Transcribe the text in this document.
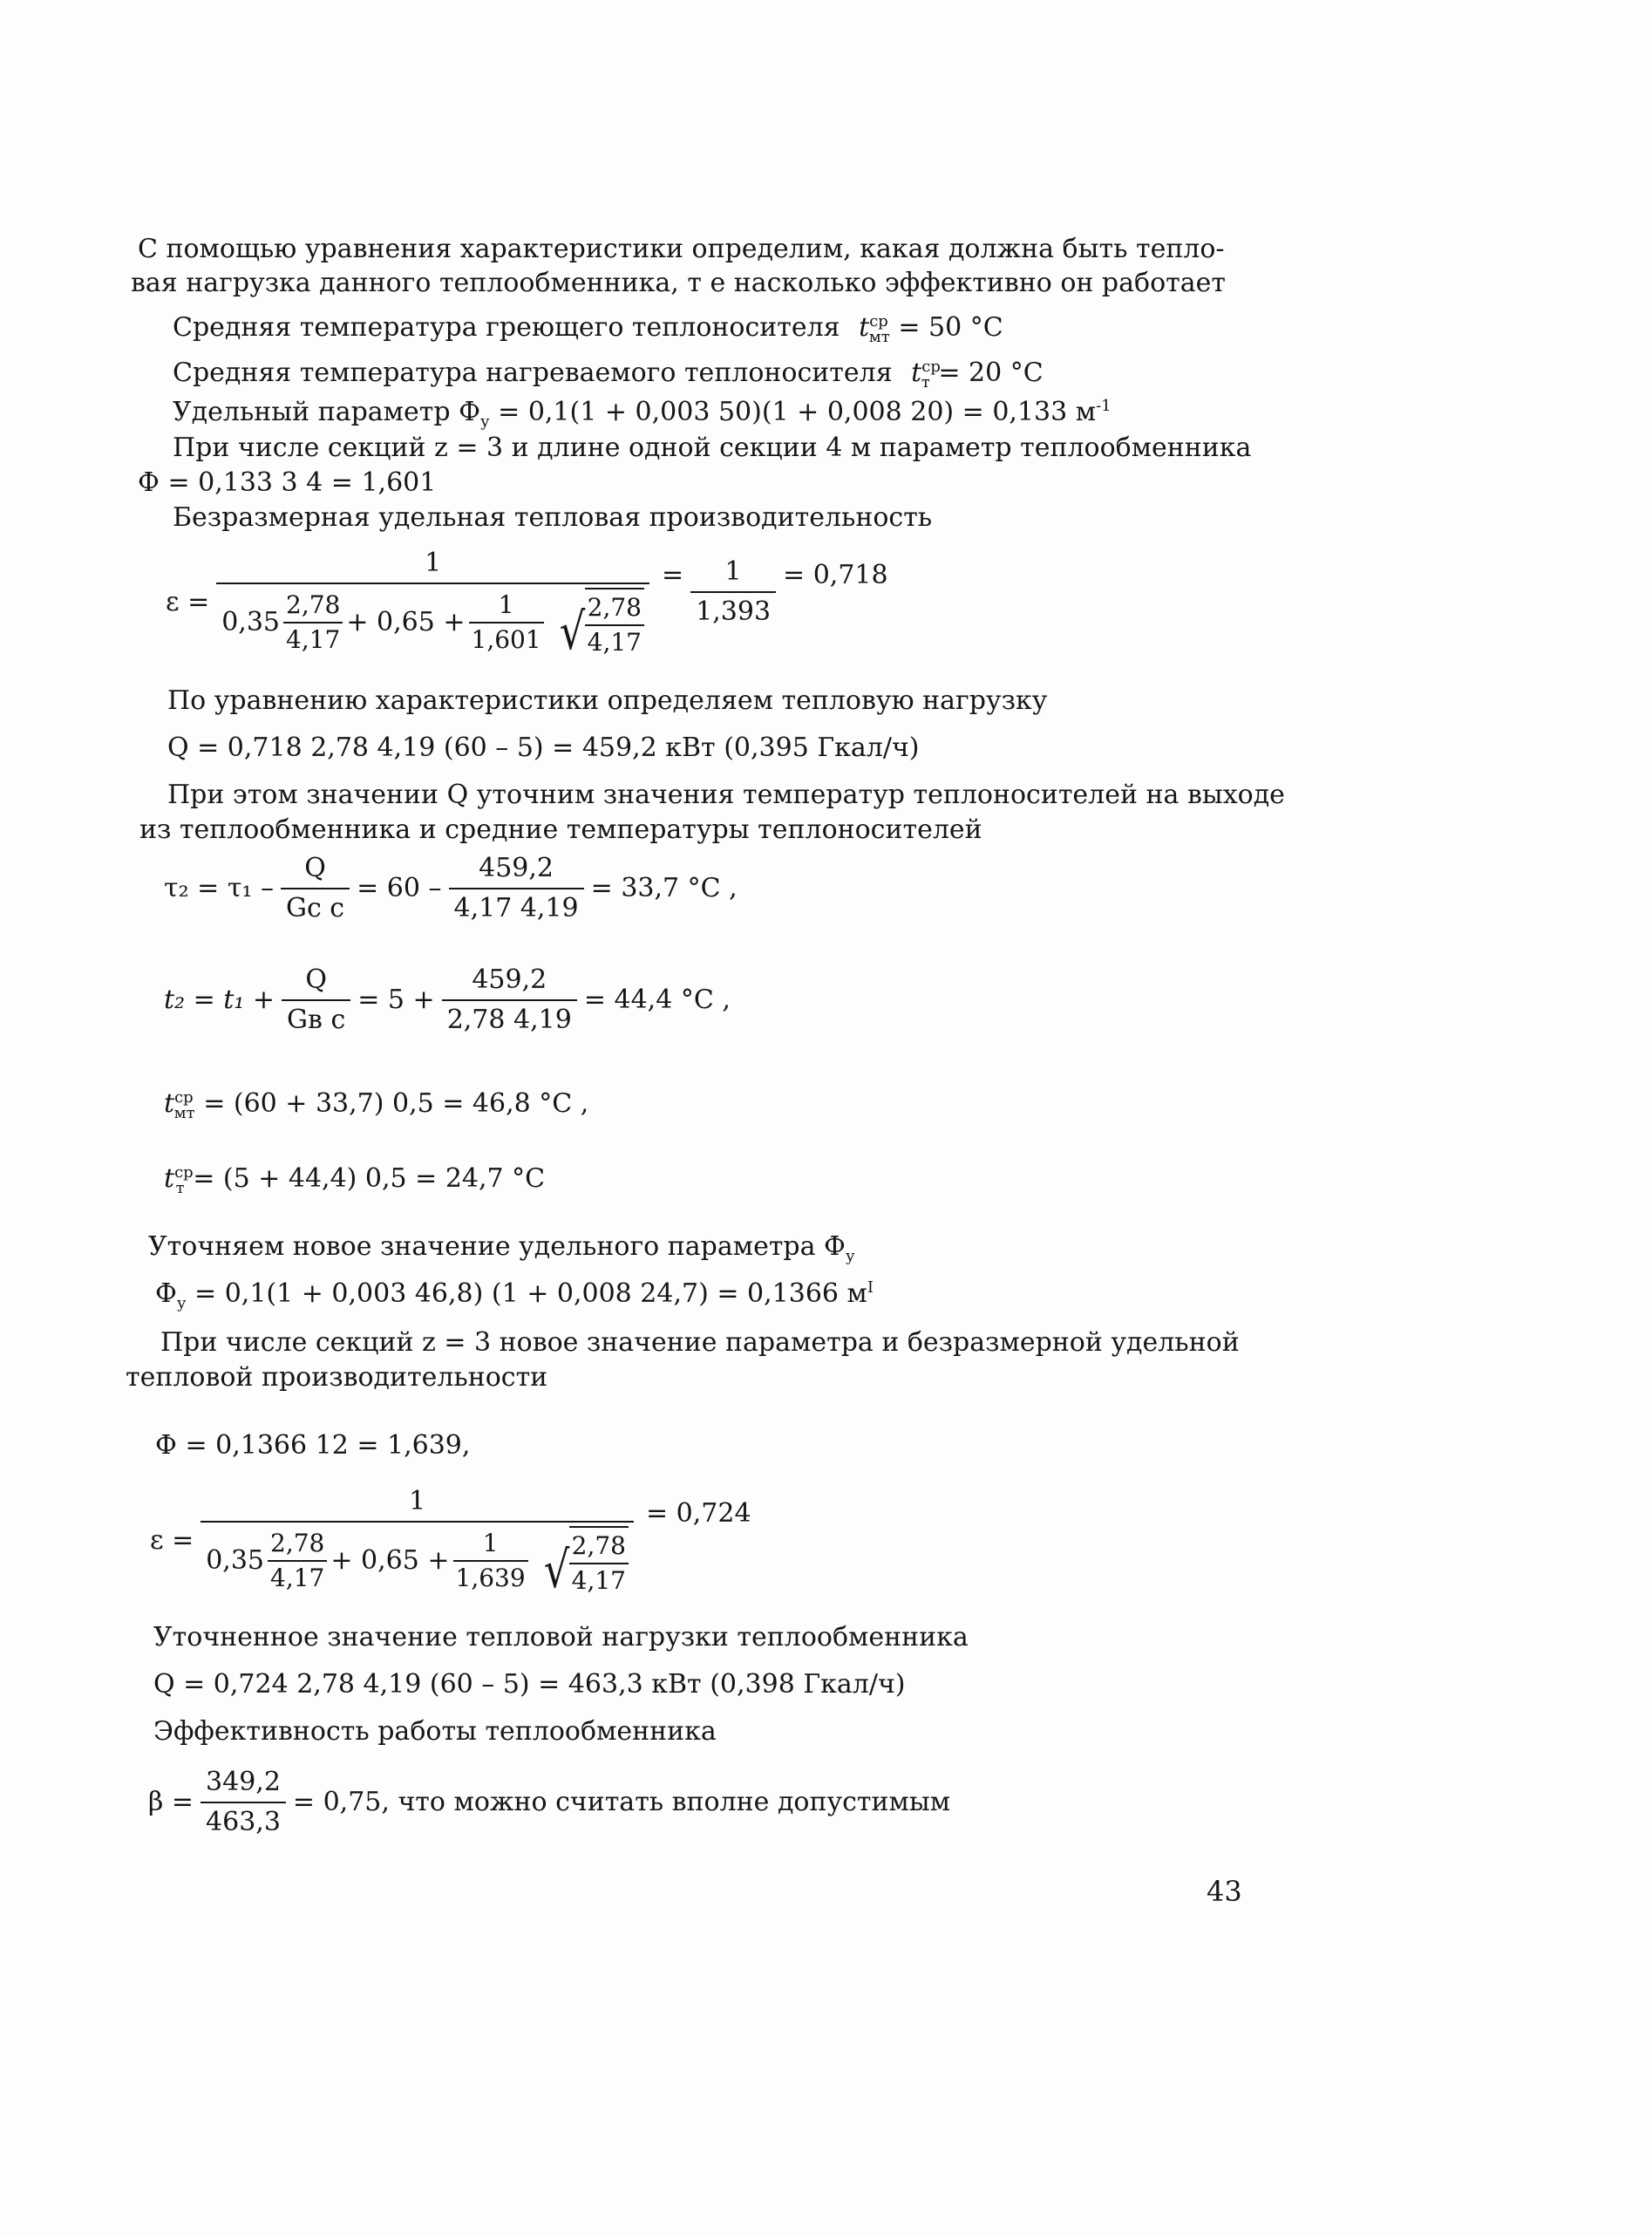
С помощью уравнения характеристики определим, какая должна быть тепло-
вая нагрузка данного теплообменника, т е насколько эффективно он работает
Средняя температура греющего теплоносителя $t^{ср}_{мт} = 50$ °С
Средняя температура нагреваемого теплоносителя $t^{ср}_т = 20$ °С
Удельный параметр $Ф_у = 0,1(1 + 0,003$ 50)(1 + 0,008 20) = 0,133 $м^{-1}$
При числе секций z = 3 и длине одной секции 4 м параметр теплообменника
Ф = 0,133 3 4 = 1,601
Безразмерная удельная тепловая производительность
ε =
1
$0,35 \frac{2,78}{4,17} + 0,65 + \frac{1}{1,601}$ √ $\frac{2,78}{4,17}$
= $\frac{1}{1,393} = 0,718$
По уравнению характеристики определяем тепловую нагрузку
Q = 0,718 2,78 4,19 (60 – 5) = 459,2 кВт (0,395 Гкал/ч)
При этом значении Q уточним значения температур теплоносителей на выходе
из теплообменника и средние температуры теплоносителей
$\tau_2 = \tau_1 - \frac{Q}{\text{Gс c}} = 60 - \frac{459,2}{4,17 4,19} = 33,7$ °С ,
$t_2 = t_1 + \frac{Q}{\text{Gв c}} = 5 + \frac{459,2}{2,78 4,19} = 44,4$ °С ,
$t^{ср}_{мт} = (60 + 33,7) 0,5 = 46,8$ °С ,
$t^{ср}_т = (5 + 44,4) 0,5 = 24,7$ °С
Уточняем новое значение удельного параметра $Ф_у$
$Ф_у = 0,1(1 + 0,003$ 46,8) (1 + 0,008 24,7) = 0,1366 $м^I$
При числе секций z = 3 новое значение параметра и безразмерной удельной
тепловой производительности
Ф = 0,1366 12 = 1,639,
ε =
1
$0,35 \frac{2,78}{4,17} + 0,65 + \frac{1}{1,639}$ √ $\frac{2,78}{4,17}$
= 0,724
Уточненное значение тепловой нагрузки теплообменника
Q = 0,724 2,78 4,19 (60 – 5) = 463,3 кВт (0,398 Гкал/ч)
Эффективность работы теплообменника
$\beta = \frac{349,2}{463,3} = 0,75$, что можно считать вполне допустимым
43
